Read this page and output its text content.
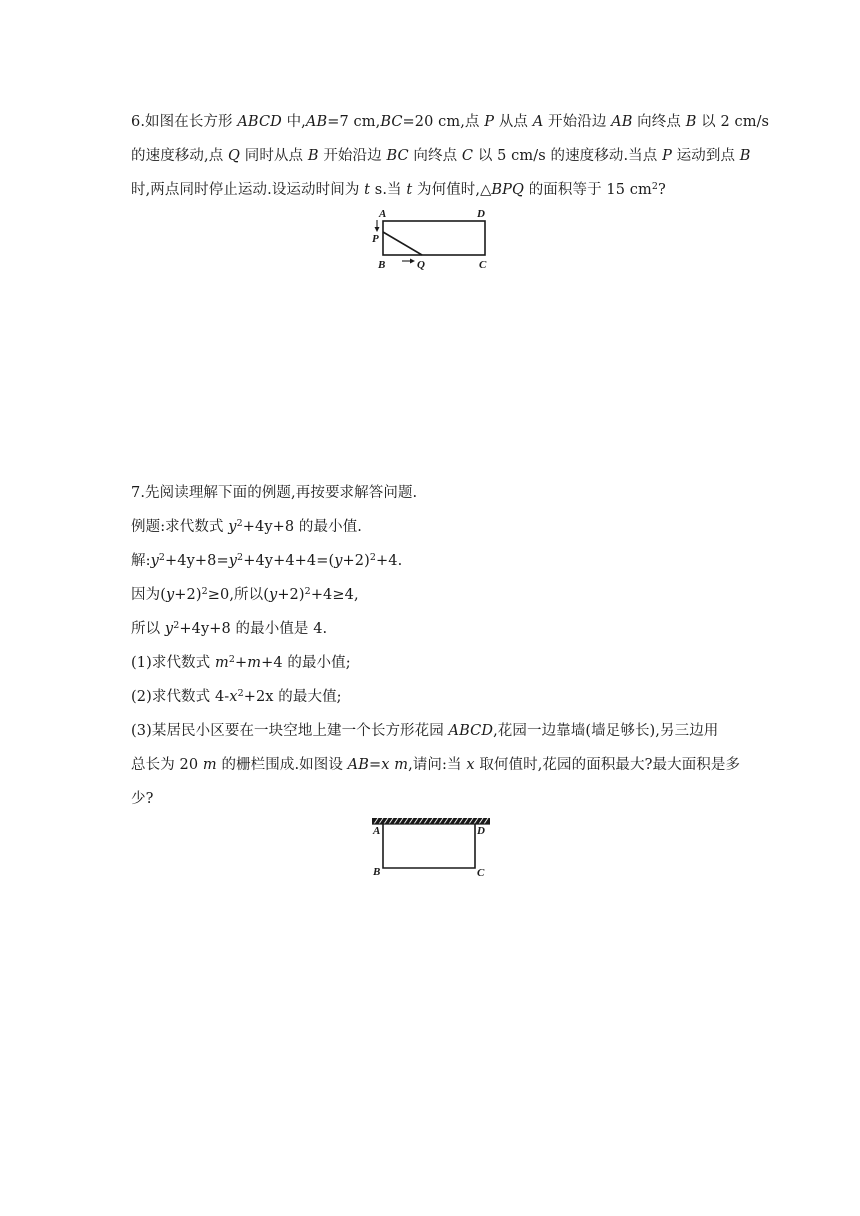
6.如图在长方形 ABCD 中,AB=7 cm,BC=20 cm,点 P 从点 A 开始沿边 AB 向终点 B 以 2 cm/s
的速度移动,点 Q 同时从点 B 开始沿边 BC 向终点 C 以 5 cm/s 的速度移动.当点 P 运动到点 B
时,两点同时停止运动.设运动时间为 t s.当 t 为何值时,△BPQ 的面积等于 15 $cm^2$?
A	D
P
B	Q	C
7.先阅读理解下面的例题,再按要求解答问题.
例题:求代数式 $y^2+4y+8$ 的最小值.
解$:y^2+4y+8=y^2+4y+4+4=(y+2)^2+4$.
因为$(y+2)^2\ge 0$,所以$(y+2)^2+4\ge 4$,
所以 $y^2+4y+8$ 的最小值是 4.
(1)求代数式 $m^2+m+4$ 的最小值;
(2)求代数式 $4-x^2+2x$ 的最大值;
(3)某居民小区要在一块空地上建一个长方形花园 ABCD,花园一边靠墙(墙足够长),另三边用
总长为 20 m 的栅栏围成.如图设 AB=x m,请问:当 x 取何值时,花园的面积最大?最大面积是多
少?
A	D
B	C
